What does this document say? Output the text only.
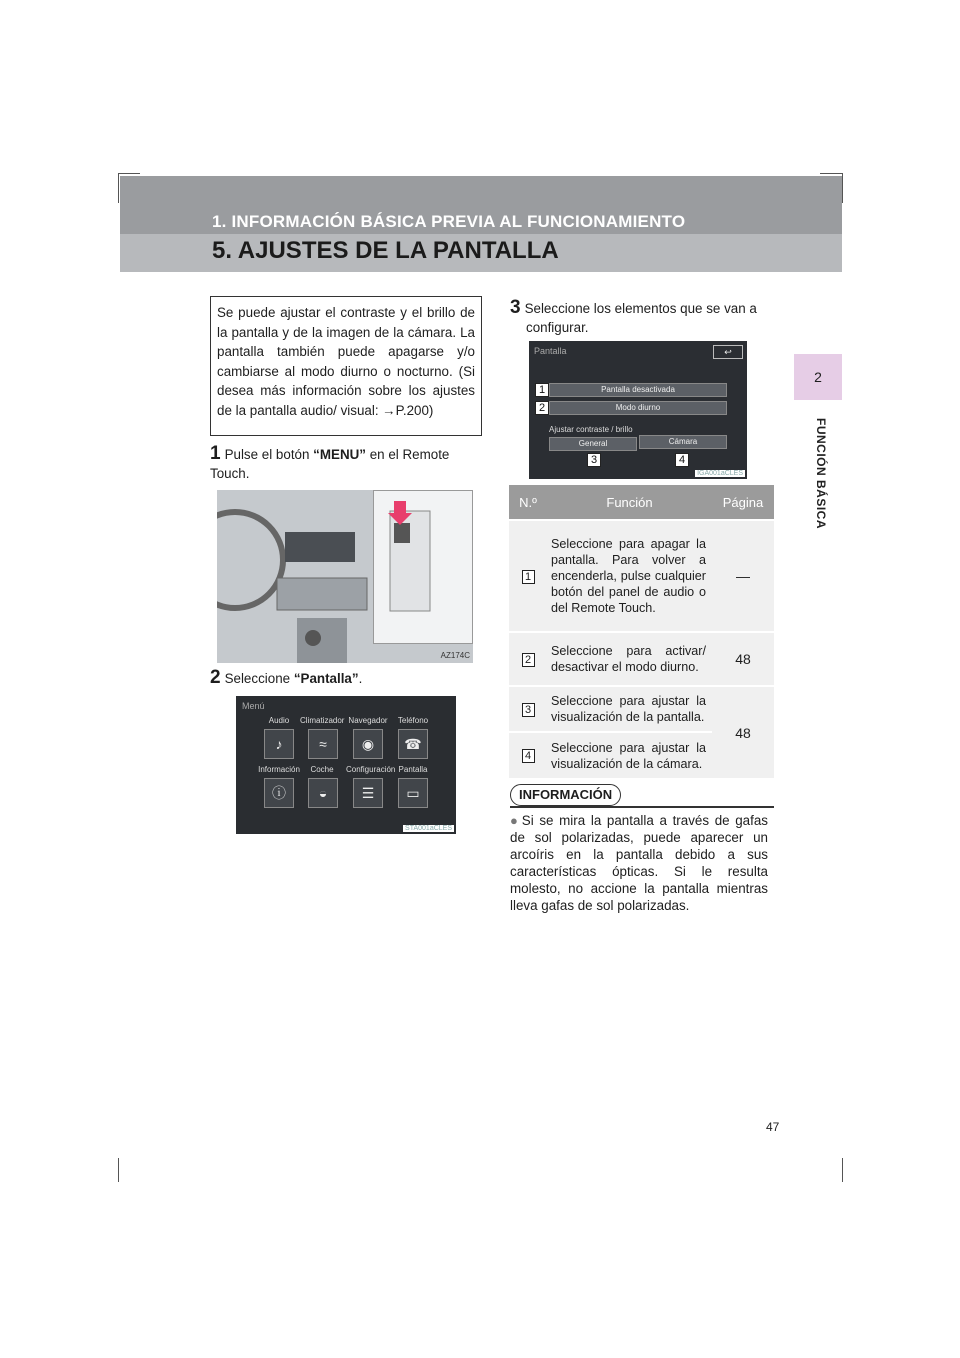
1. INFORMACIÓN BÁSICA PREVIA AL FUNCIONAMIENTO
5. AJUSTES DE LA PANTALLA
2
FUNCIÓN BÁSICA
Se puede ajustar el contraste y el brillo de la pantalla y de la imagen de la cámara. La pantalla también puede apagarse y/o cambiarse al modo diurno o nocturno. (Si desea más información sobre los ajustes de la pantalla audio/ visual: →P.200)
1 Pulse el botón “MENU” en el Remote Touch.
AZ174C
2 Seleccione “Pantalla”.
Menú
Audio	Climatizador Navegador	Teléfono
♪	≈	◉	☎
Información	Coche	Configuración Pantalla
ⓘ	◒	☰	▭
STA001aCLES
3 Seleccione los elementos que se van a configurar.
Pantalla	↩
Pantalla desactivada
Modo diurno
Ajustar contraste / brillo
General	Cámara
1
2
3	4
IGA001aCLES
N.º	Función	Página
1	Seleccione para apagar la pantalla. Para volver a encenderla, pulse cualquier botón del panel de audio o del Remote Touch.	—
2	Seleccione para activar/ desactivar el modo diurno.	48
3	Seleccione para ajustar la visualización de la pantalla.	48
4	Seleccione para ajustar la visualización de la cámara.	
INFORMACIÓN
● Si se mira la pantalla a través de gafas de sol polarizadas, puede aparecer un arcoíris en la pantalla debido a sus características ópticas. Si le resulta molesto, no accione la pantalla mientras lleva gafas de sol polarizadas.
47
